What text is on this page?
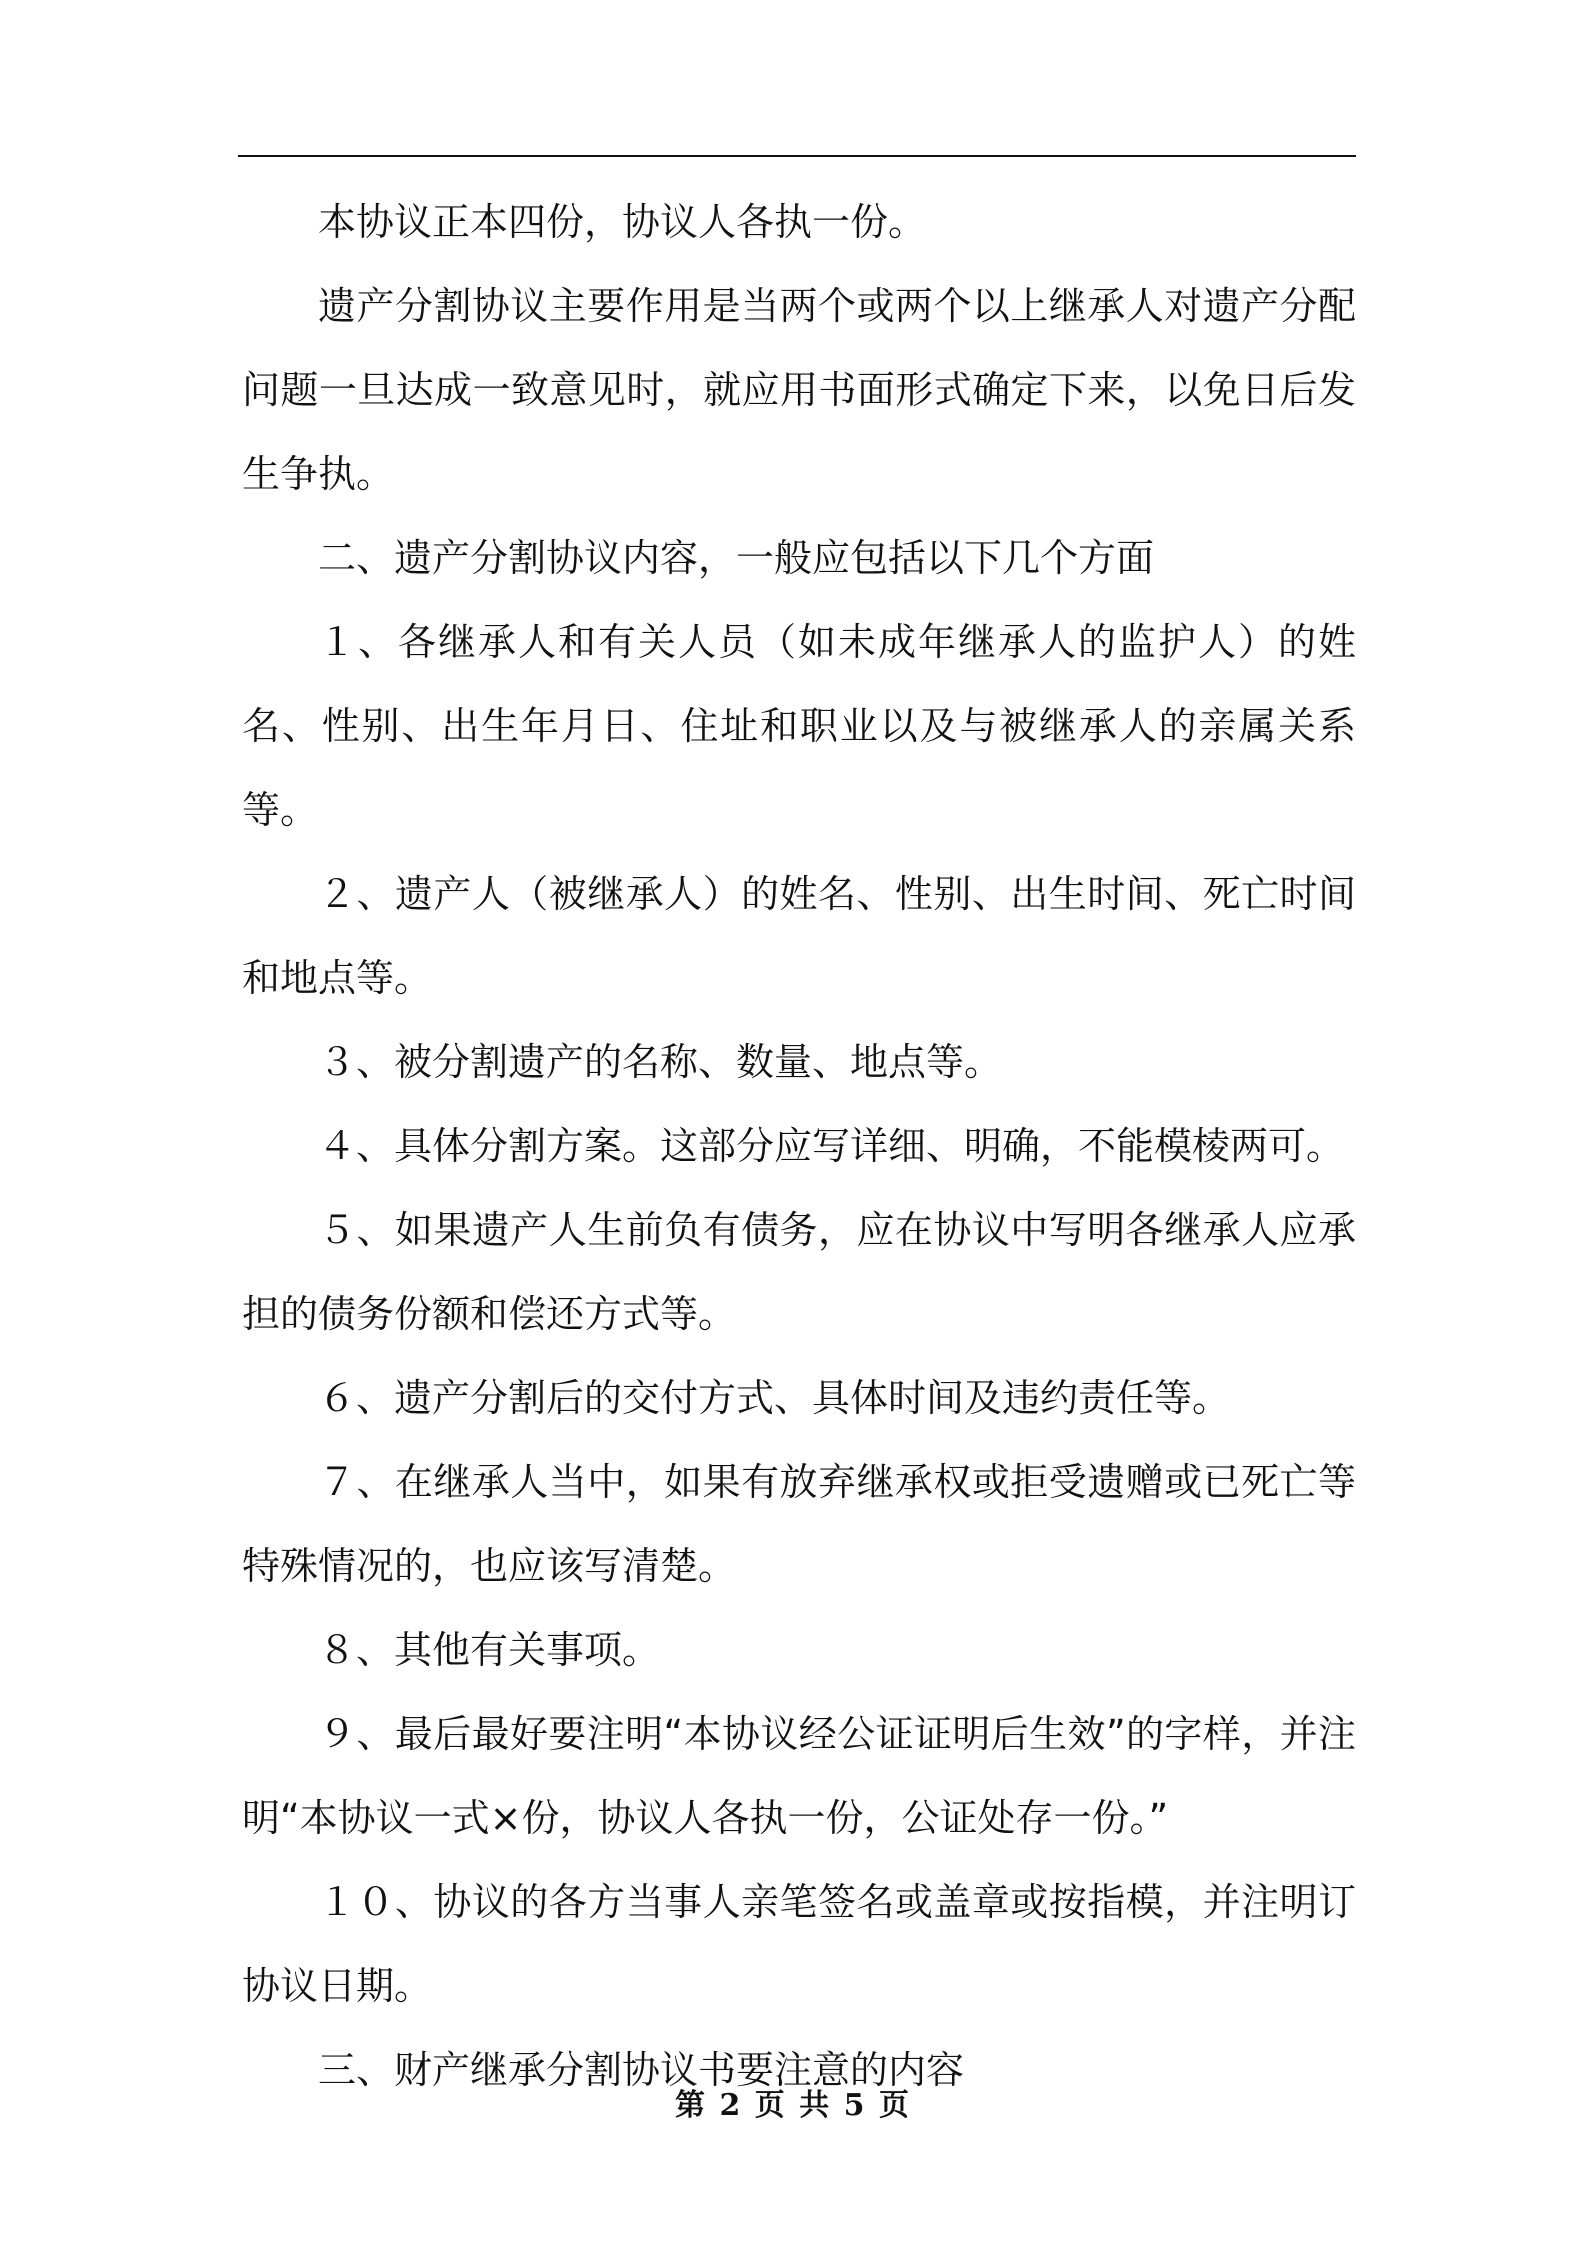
本协议正本四份，协议人各执一份。

遗产分割协议主要作用是当两个或两个以上继承人对遗产分配问题一旦达成一致意见时，就应用书面形式确定下来，以免日后发生争执。

二、遗产分割协议内容，一般应包括以下几个方面

１、各继承人和有关人员（如未成年继承人的监护人）的姓名、性别、出生年月日、住址和职业以及与被继承人的亲属关系等。

２、遗产人（被继承人）的姓名、性别、出生时间、死亡时间和地点等。

３、被分割遗产的名称、数量、地点等。

４、具体分割方案。这部分应写详细、明确，不能模棱两可。

５、如果遗产人生前负有债务，应在协议中写明各继承人应承担的债务份额和偿还方式等。

６、遗产分割后的交付方式、具体时间及违约责任等。

７、在继承人当中，如果有放弃继承权或拒受遗赠或已死亡等特殊情况的，也应该写清楚。

８、其他有关事项。

９、最后最好要注明“本协议经公证证明后生效”的字样，并注明“本协议一式×份，协议人各执一份，公证处存一份。”

１０、协议的各方当事人亲笔签名或盖章或按指模，并注明订协议日期。

三、财产继承分割协议书要注意的内容

第 2 页 共 5 页
